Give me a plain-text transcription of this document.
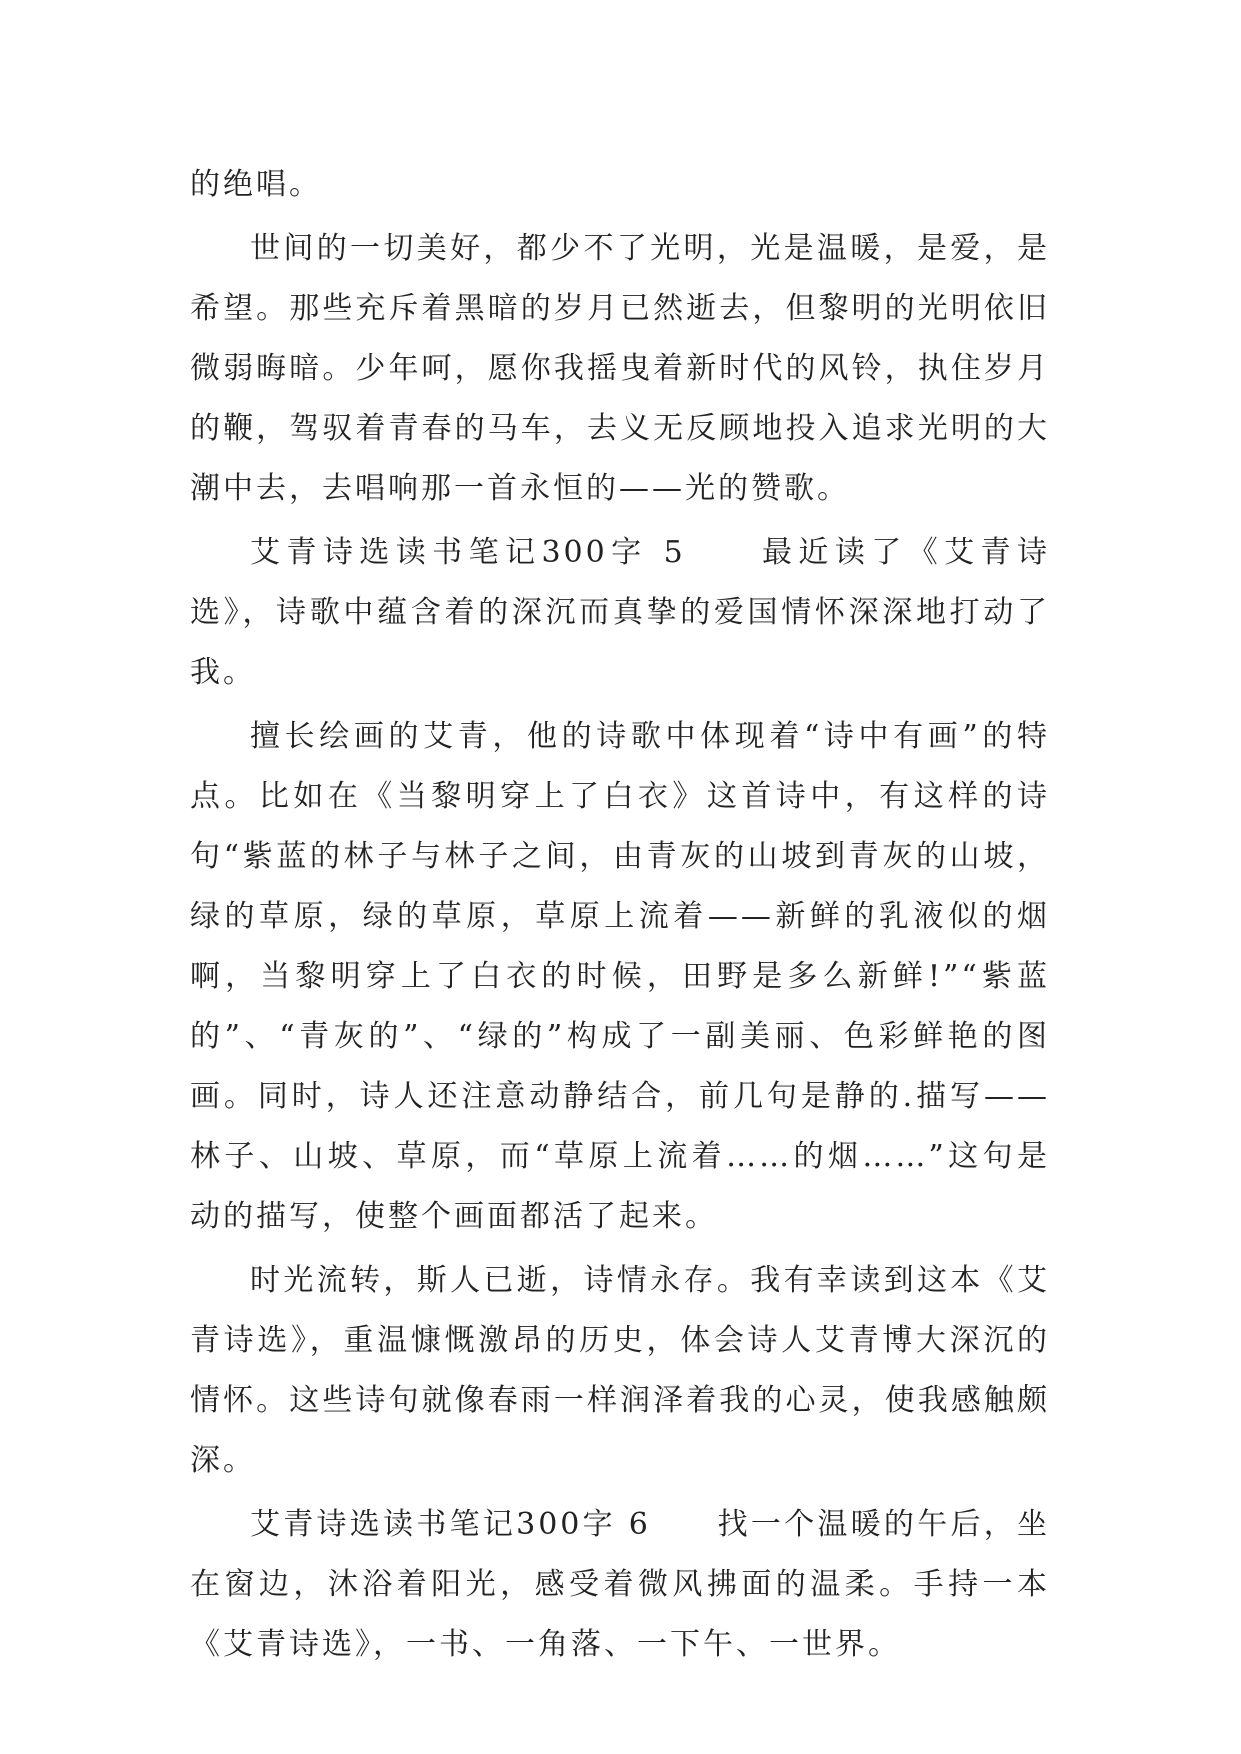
的绝唱。

世间的一切美好，都少不了光明，光是温暖，是爱，是希望。那些充斥着黑暗的岁月已然逝去，但黎明的光明依旧微弱晦暗。少年呵，愿你我摇曳着新时代的风铃，执住岁月的鞭，驾驭着青春的马车，去义无反顾地投入追求光明的大潮中去，去唱响那一首永恒的——光的赞歌。

艾青诗选读书笔记300字 5　　最近读了《艾青诗选》，诗歌中蕴含着的深沉而真挚的爱国情怀深深地打动了我。

擅长绘画的艾青，他的诗歌中体现着“诗中有画”的特点。比如在《当黎明穿上了白衣》这首诗中，有这样的诗句“紫蓝的林子与林子之间，由青灰的山坡到青灰的山坡，绿的草原，绿的草原，草原上流着——新鲜的乳液似的烟啊，当黎明穿上了白衣的时候，田野是多么新鲜!”“紫蓝的”、“青灰的”、“绿的”构成了一副美丽、色彩鲜艳的图画。同时，诗人还注意动静结合，前几句是静的.描写——林子、山坡、草原，而“草原上流着……的烟……”这句是动的描写，使整个画面都活了起来。

时光流转，斯人已逝，诗情永存。我有幸读到这本《艾青诗选》，重温慷慨激昂的历史，体会诗人艾青博大深沉的情怀。这些诗句就像春雨一样润泽着我的心灵，使我感触颇深。

艾青诗选读书笔记300字 6　　找一个温暖的午后，坐在窗边，沐浴着阳光，感受着微风拂面的温柔。手持一本《艾青诗选》，一书、一角落、一下午、一世界。
